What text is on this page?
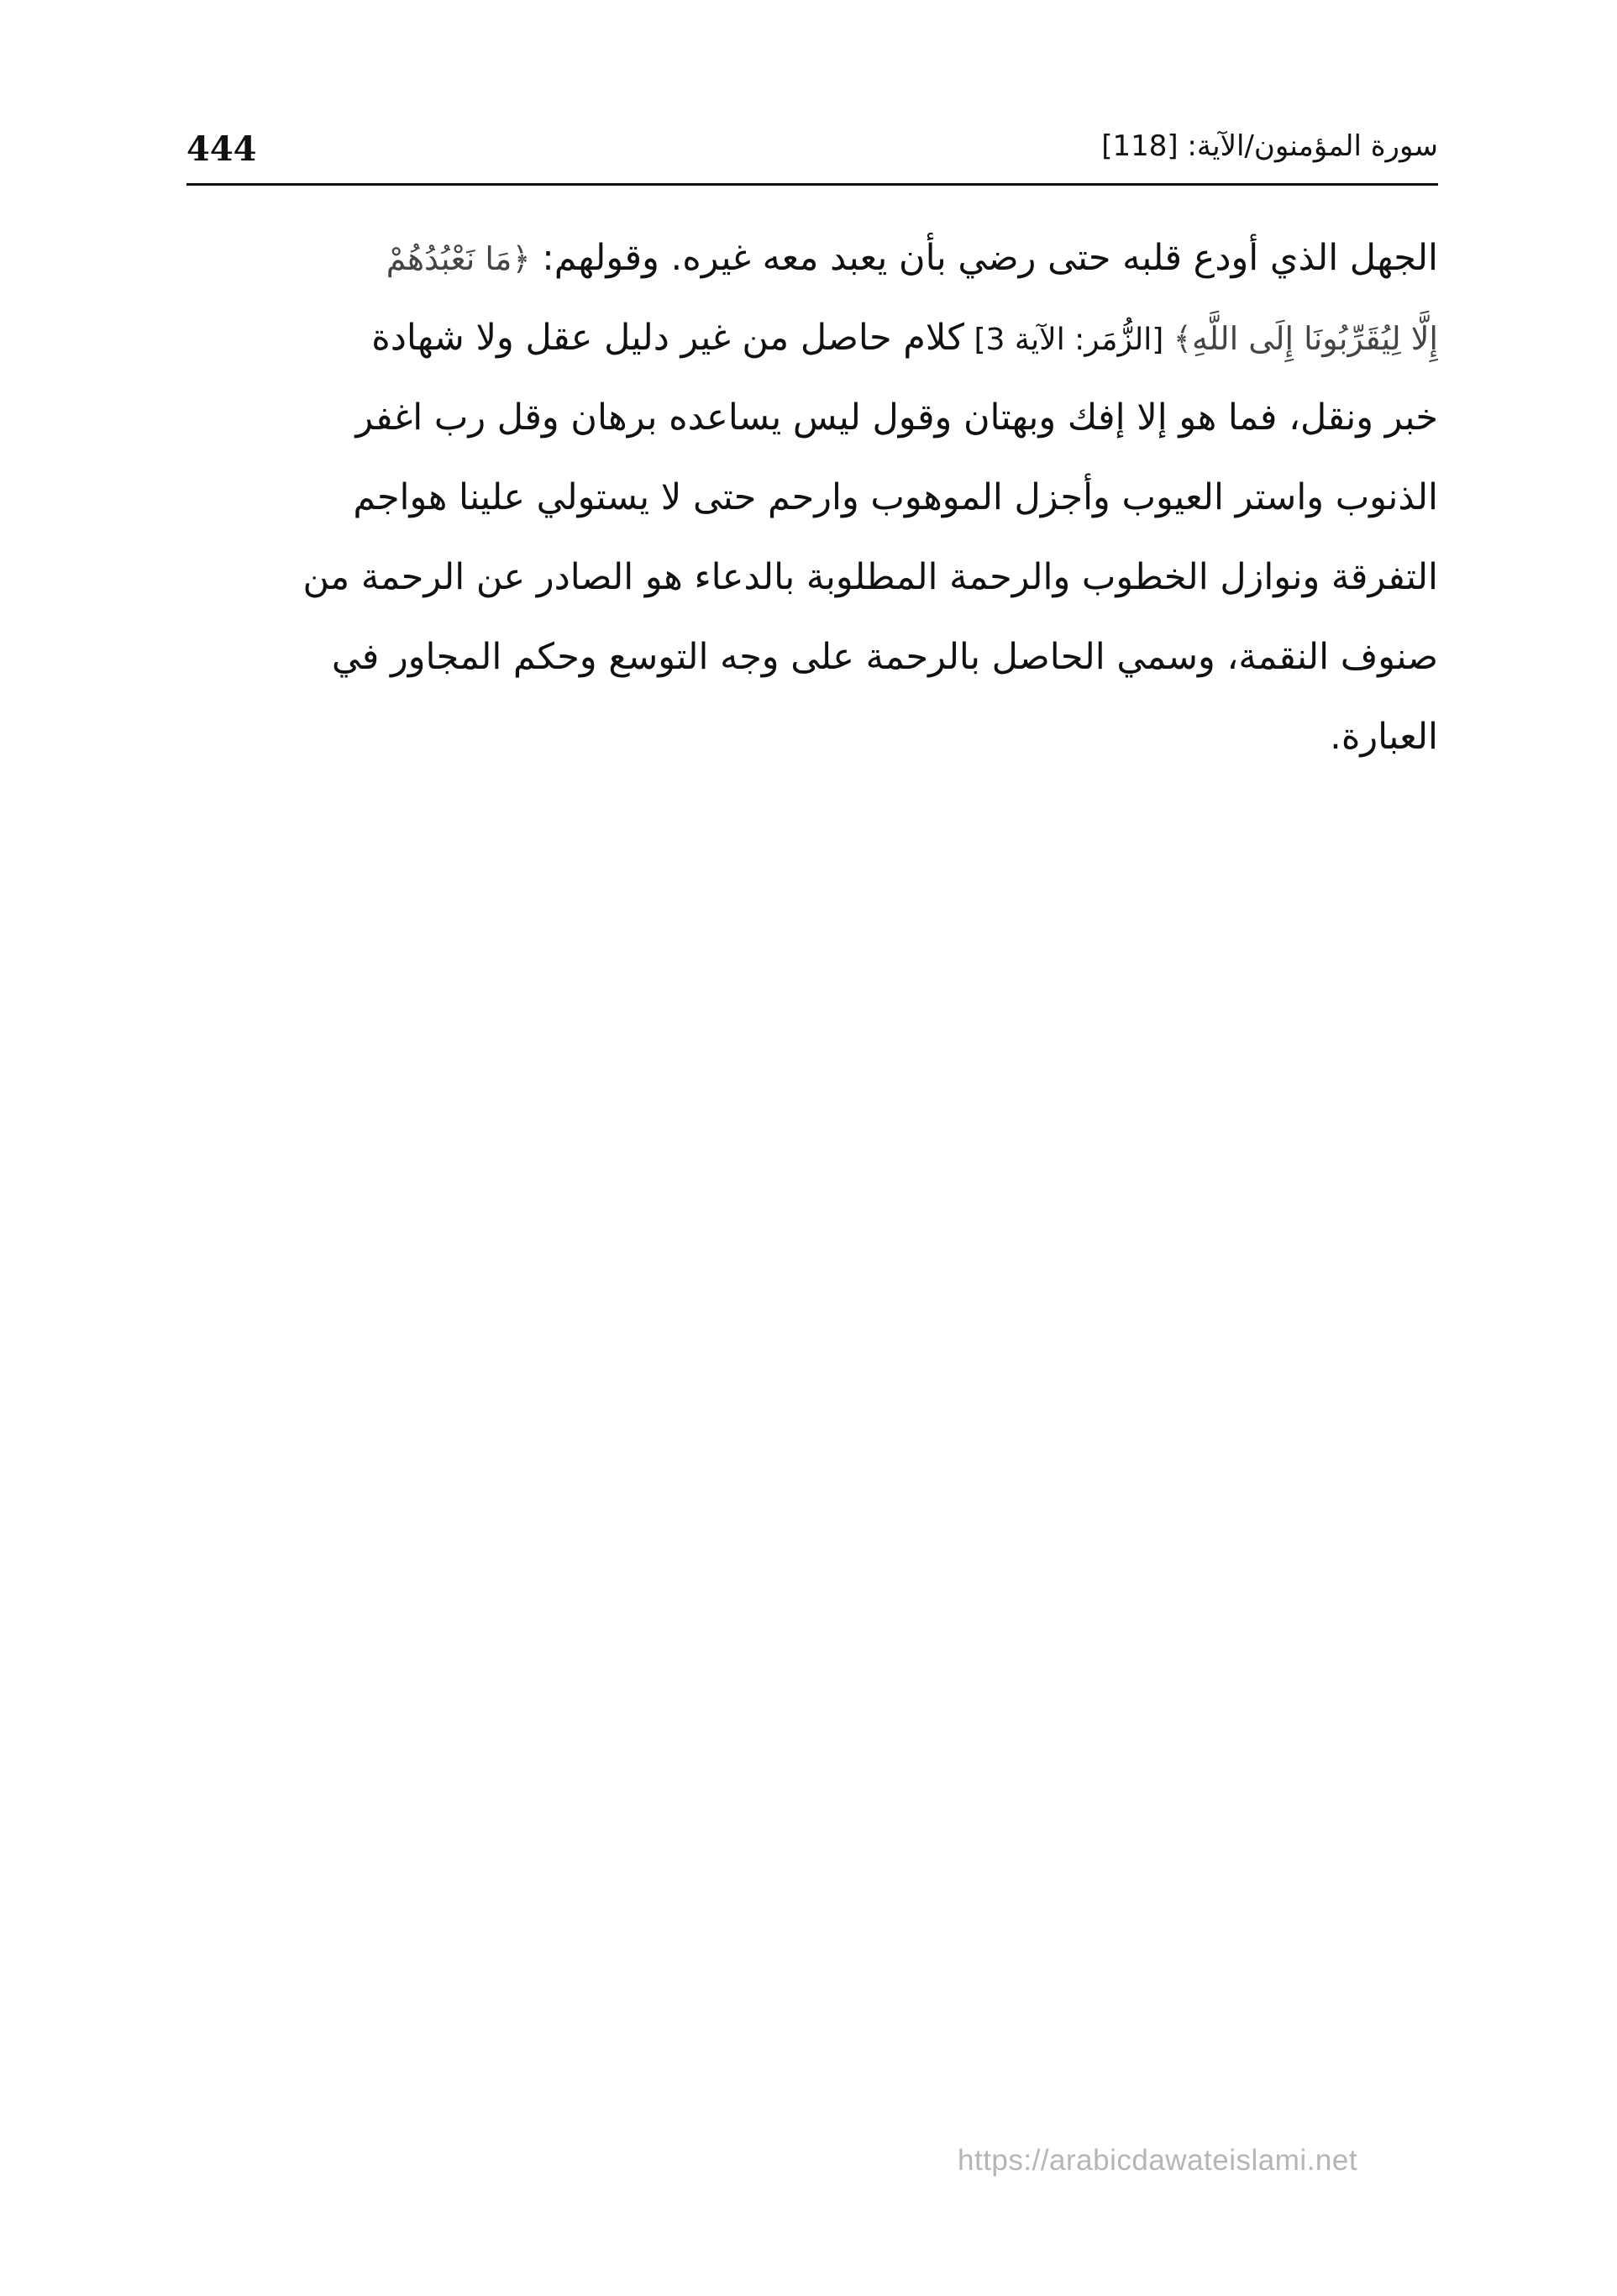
444	سورة المؤمنون/الآية: [118]
الجهل الذي أودع قلبه حتى رضي بأن يعبد معه غيره. وقولهم: ﴿مَا نَعْبُدُهُمْ
إِلَّا لِيُقَرِّبُونَا إِلَى اللَّهِ﴾ [الزُّمَر: الآية 3] كلام حاصل من غير دليل عقل ولا شهادة
خبر ونقل، فما هو إلا إفك وبهتان وقول ليس يساعده برهان وقل رب اغفر
الذنوب واستر العيوب وأجزل الموهوب وارحم حتى لا يستولي علينا هواجم
التفرقة ونوازل الخطوب والرحمة المطلوبة بالدعاء هو الصادر عن الرحمة من
صنوف النقمة، وسمي الحاصل بالرحمة على وجه التوسع وحكم المجاور في
العبارة.
https://arabicdawateislami.net
